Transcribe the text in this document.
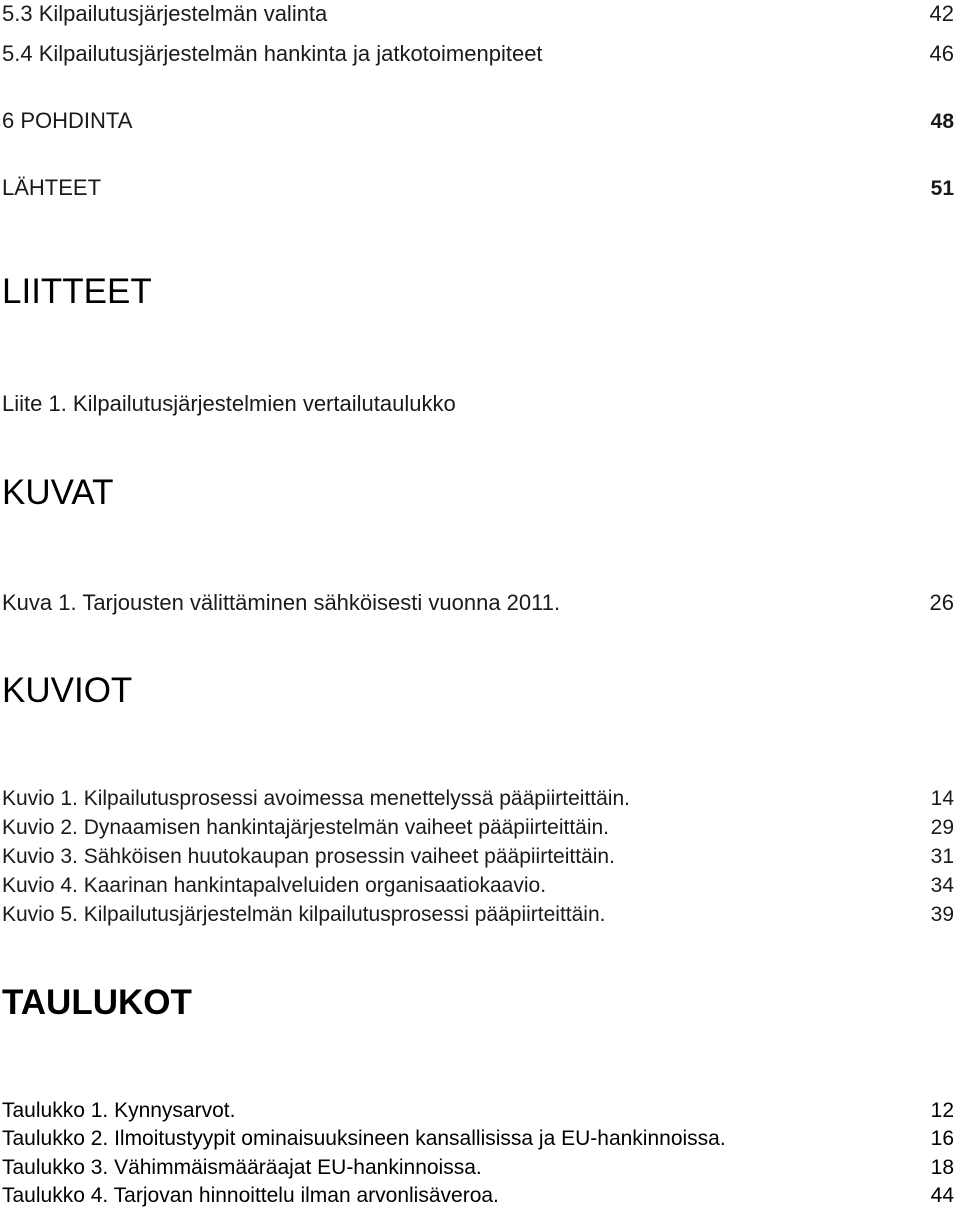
5.3 Kilpailutusjärjestelmän valinta	42
5.4 Kilpailutusjärjestelmän hankinta ja jatkotoimenpiteet	46
6 POHDINTA	48
LÄHTEET	51
LIITTEET
Liite 1. Kilpailutusjärjestelmien vertailutaulukko
KUVAT
Kuva 1. Tarjousten välittäminen sähköisesti vuonna 2011.	26
KUVIOT
Kuvio 1. Kilpailutusprosessi avoimessa menettelyssä pääpiirteittäin.	14
Kuvio 2. Dynaamisen hankintajärjestelmän vaiheet pääpiirteittäin.	29
Kuvio 3. Sähköisen huutokaupan prosessin vaiheet pääpiirteittäin.	31
Kuvio 4. Kaarinan hankintapalveluiden organisaatiokaavio.	34
Kuvio 5. Kilpailutusjärjestelmän kilpailutusprosessi pääpiirteittäin.	39
TAULUKOT
Taulukko 1. Kynnysarvot.	12
Taulukko 2. Ilmoitustyypit ominaisuuksineen kansallisissa ja EU-hankinnoissa.	16
Taulukko 3. Vähimmäismääräajat EU-hankinnoissa.	18
Taulukko 4. Tarjovan hinnoittelu ilman arvonlisäveroa.	44
